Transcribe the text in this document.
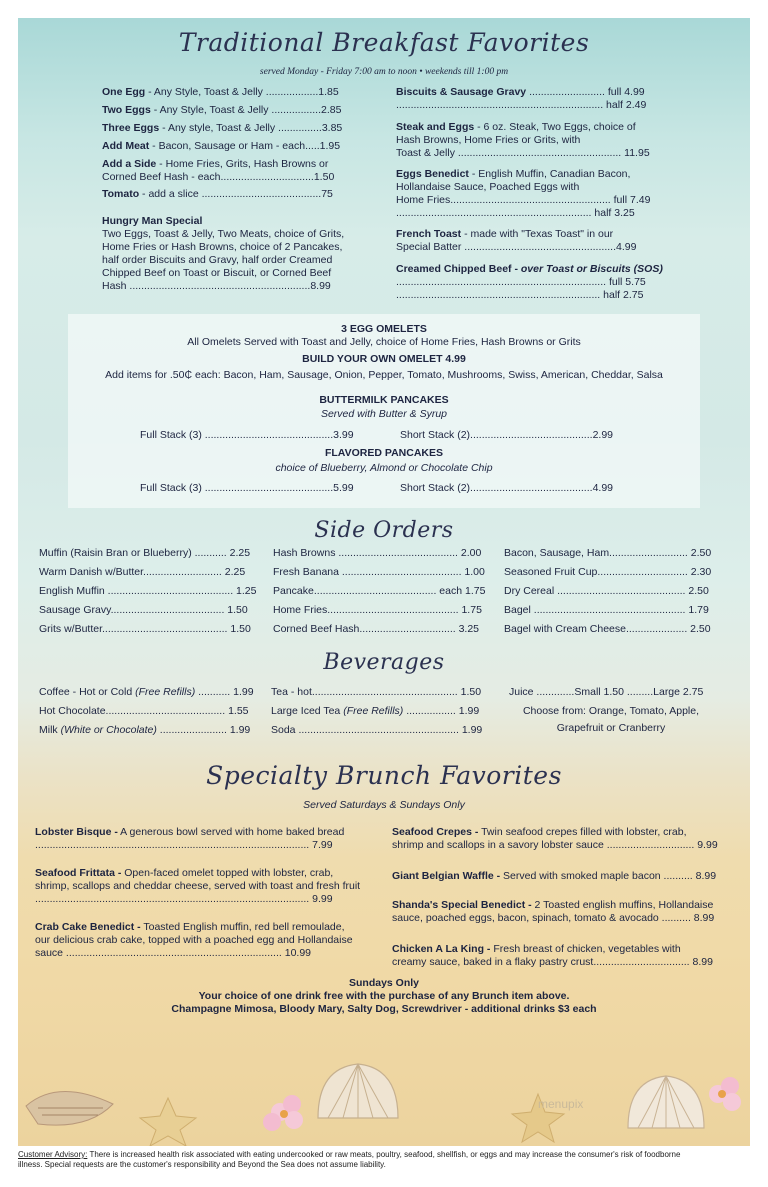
Traditional Breakfast Favorites
served Monday - Friday 7:00 am to noon • weekends till 1:00 pm
One Egg - Any Style, Toast & Jelly ..................1.85
Two Eggs - Any Style, Toast & Jelly .................2.85
Three Eggs - Any style, Toast & Jelly ...............3.85
Add Meat - Bacon, Sausage or Ham - each.....1.95
Add a Side - Home Fries, Grits, Hash Browns or
Corned Beef Hash - each................................1.50
Tomato - add a slice .........................................75
Hungry Man Special
Two Eggs, Toast & Jelly, Two Meats, choice of Grits,
Home Fries or Hash Browns, choice of 2 Pancakes,
half order Biscuits and Gravy, half order Creamed
Chipped Beef on Toast or Biscuit, or Corned Beef
Hash ..............................................................8.99
Biscuits & Sausage Gravy .......................... full 4.99
....................................................................... half 2.49
Steak and Eggs - 6 oz. Steak, Two Eggs, choice of
Hash Browns, Home Fries or Grits, with
Toast & Jelly ........................................................ 11.95
Eggs Benedict - English Muffin, Canadian Bacon,
Hollandaise Sauce, Poached Eggs with
Home Fries....................................................... full 7.49
................................................................... half 3.25
French Toast - made with "Texas Toast" in our
Special Batter ....................................................4.99
Creamed Chipped Beef - over Toast or Biscuits (SOS)
........................................................................ full 5.75
...................................................................... half 2.75
3 EGG OMELETS
All Omelets Served with Toast and Jelly, choice of Home Fries, Hash Browns or Grits
BUILD YOUR OWN OMELET 4.99
Add items for .50₵ each: Bacon, Ham, Sausage, Onion, Pepper, Tomato, Mushrooms, Swiss, American, Cheddar, Salsa
BUTTERMILK PANCAKES
Served with Butter & Syrup
Full Stack (3) ............................................3.99	Short Stack (2)..........................................2.99
FLAVORED PANCAKES
choice of Blueberry, Almond or Chocolate Chip
Full Stack (3) ............................................5.99	Short Stack (2)..........................................4.99
Side Orders
Muffin (Raisin Bran or Blueberry) ........... 2.25
Warm Danish w/Butter........................... 2.25
English Muffin ........................................... 1.25
Sausage Gravy....................................... 1.50
Grits w/Butter........................................... 1.50
Hash Browns ......................................... 2.00
Fresh Banana ......................................... 1.00
Pancake.......................................... each 1.75
Home Fries............................................. 1.75
Corned Beef Hash................................. 3.25
Bacon, Sausage, Ham........................... 2.50
Seasoned Fruit Cup............................... 2.30
Dry Cereal ............................................ 2.50
Bagel .................................................... 1.79
Bagel with Cream Cheese..................... 2.50
Beverages
Coffee - Hot or Cold (Free Refills) ........... 1.99
Hot Chocolate......................................... 1.55
Milk (White or Chocolate) ....................... 1.99
Tea - hot.................................................. 1.50
Large Iced Tea (Free Refills) ................. 1.99
Soda ....................................................... 1.99
Juice .............Small 1.50 .........Large 2.75
Choose from: Orange, Tomato, Apple,
Grapefruit or Cranberry
Specialty Brunch Favorites
Served Saturdays & Sundays Only
Lobster Bisque - A generous bowl served with home baked bread
.............................................................................................. 7.99
Seafood Frittata - Open-faced omelet topped with lobster, crab,
shrimp, scallops and cheddar cheese, served with toast and fresh fruit
.............................................................................................. 9.99
Crab Cake Benedict - Toasted English muffin, red bell remoulade,
our delicious crab cake, topped with a poached egg and Hollandaise
sauce .......................................................................... 10.99
Seafood Crepes - Twin seafood crepes filled with lobster, crab,
shrimp and scallops in a savory lobster sauce .............................. 9.99
Giant Belgian Waffle - Served with smoked maple bacon .......... 8.99
Shanda's Special Benedict - 2 Toasted english muffins, Hollandaise
sauce, poached eggs, bacon, spinach, tomato & avocado .......... 8.99
Chicken A La King - Fresh breast of chicken, vegetables with
creamy sauce, baked in a flaky pastry crust................................. 8.99
Sundays Only
Your choice of one drink free with the purchase of any Brunch item above.
Champagne Mimosa, Bloody Mary, Salty Dog, Screwdriver - additional drinks $3 each
menupix
Customer Advisory: There is increased health risk associated with eating undercooked or raw meats, poultry, seafood, shellfish, or eggs and may increase the consumer's risk of foodborne
illness. Special requests are the customer's responsibility and Beyond the Sea does not assume liability.
